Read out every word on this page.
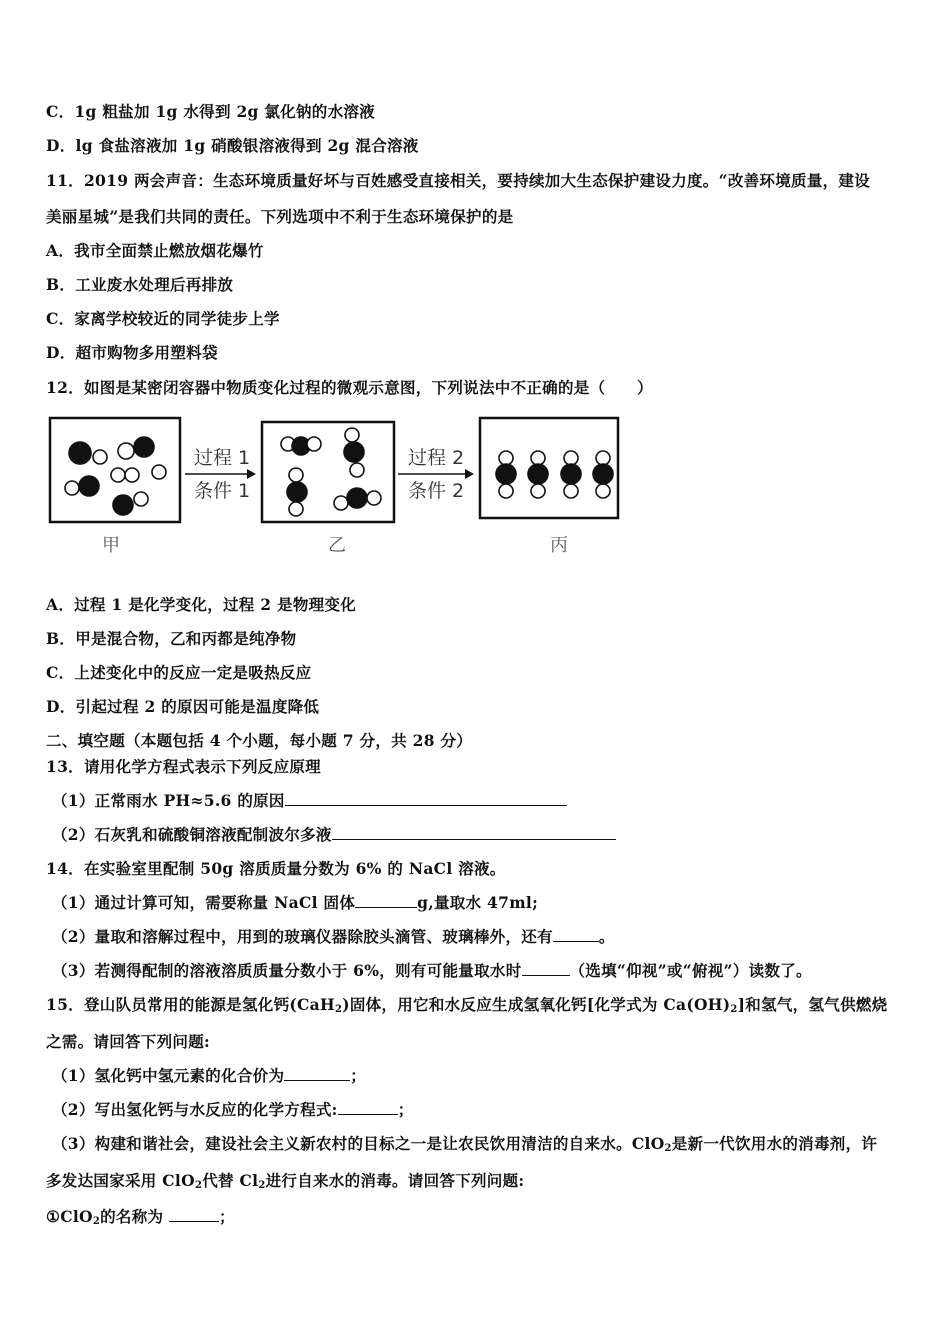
C．1g 粗盐加 1g 水得到 2g 氯化钠的水溶液
D．lg 食盐溶液加 1g 硝酸银溶液得到 2g 混合溶液
11．2019 两会声音：生态环境质量好坏与百姓感受直接相关，要持续加大生态保护建设力度。“改善环境质量，建设
美丽星城”是我们共同的责任。下列选项中不利于生态环境保护的是
A．我市全面禁止燃放烟花爆竹
B．工业废水处理后再排放
C．家离学校较近的同学徒步上学
D．超市购物多用塑料袋
12．如图是某密闭容器中物质变化过程的微观示意图，下列说法中不正确的是（　　）
过程 1
条件 1
过程 2
条件 2
甲	乙	丙
A．过程 1 是化学变化，过程 2 是物理变化
B．甲是混合物，乙和丙都是纯净物
C．上述变化中的反应一定是吸热反应
D．引起过程 2 的原因可能是温度降低
二、填空题（本题包括 4 个小题，每小题 7 分，共 28 分）
13．请用化学方程式表示下列反应原理
（1）正常雨水 PH≈5.6 的原因
（2）石灰乳和硫酸铜溶液配制波尔多液
14．在实验室里配制 50g 溶质质量分数为 6% 的 NaCl 溶液。
（1）通过计算可知，需要称量 NaCl 固体	g,量取水 47ml;
（2）量取和溶解过程中，用到的玻璃仪器除胶头滴管、玻璃棒外，还有	。
（3）若测得配制的溶液溶质质量分数小于 6%，则有可能量取水时	（选填“仰视”或“俯视”）读数了。
15．登山队员常用的能源是氢化钙(CaH$_2$)固体，用它和水反应生成氢氧化钙[化学式为 $Ca(OH)_2$]和氢气，氢气供燃烧
之需。请回答下列问题:
（1）氢化钙中氢元素的化合价为	；
（2）写出氢化钙与水反应的化学方程式:	；
（3）构建和谐社会，建设社会主义新农村的目标之一是让农民饮用清洁的自来水。ClO$_2$是新一代饮用水的消毒剂，许
多发达国家采用 ClO$_2$代替 $Cl_2$进行自来水的消毒。请回答下列问题:
①ClO$_2$的名称为	；
